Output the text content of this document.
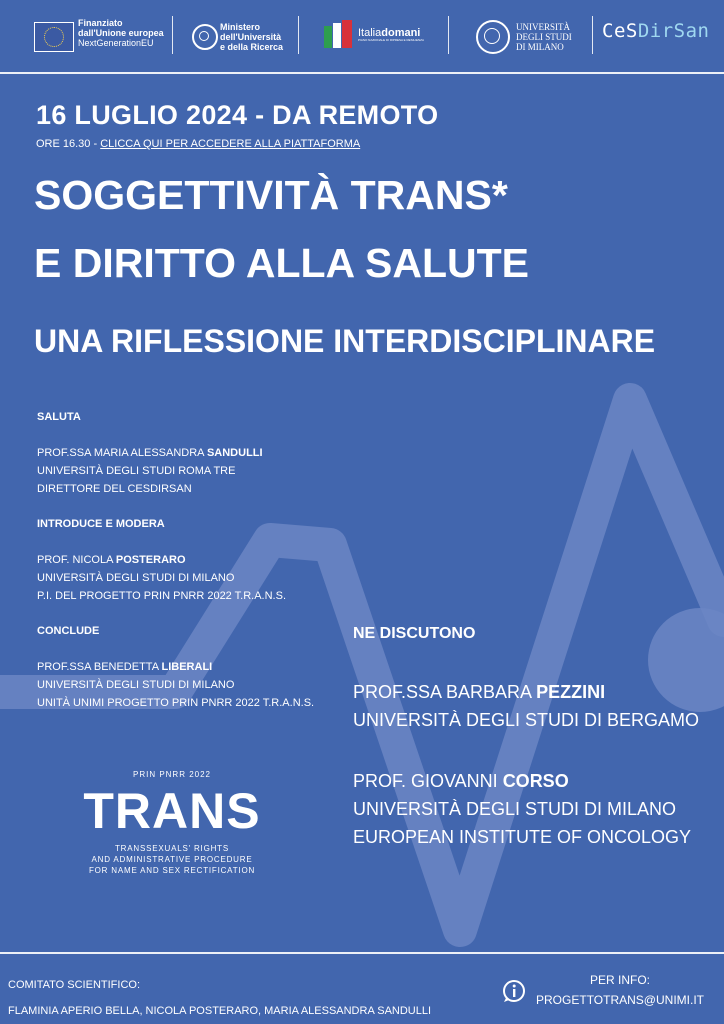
Finanziato
dall'Unione europea
NextGenerationEU
Ministero
dell'Università
e della Ricerca
Italiadomani
PIANO NAZIONALE DI RIPRESA E RESILIENZA
UNIVERSITÀ
DEGLI STUDI
DI MILANO
CeSDirSan
16 LUGLIO 2024 - DA REMOTO
ORE 16.30 - CLICCA QUI PER ACCEDERE ALLA PIATTAFORMA
SOGGETTIVITÀ TRANS*
E DIRITTO ALLA SALUTE
UNA RIFLESSIONE INTERDISCIPLINARE
SALUTA
PROF.SSA MARIA ALESSANDRA SANDULLI
UNIVERSITÀ DEGLI STUDI ROMA TRE
DIRETTORE DEL CESDIRSAN
INTRODUCE E MODERA
PROF. NICOLA POSTERARO
UNIVERSITÀ DEGLI STUDI DI MILANO
P.I. DEL PROGETTO PRIN PNRR 2022 T.R.A.N.S.
CONCLUDE
PROF.SSA BENEDETTA LIBERALI
UNIVERSITÀ DEGLI STUDI DI MILANO
UNITÀ UNIMI PROGETTO PRIN PNRR 2022 T.R.A.N.S.
NE DISCUTONO
PROF.SSA BARBARA PEZZINI
UNIVERSITÀ DEGLI STUDI DI BERGAMO
PROF. GIOVANNI CORSO
UNIVERSITÀ DEGLI STUDI DI MILANO
EUROPEAN INSTITUTE OF ONCOLOGY
PRIN PNRR 2022
TRANS
TRANSSEXUALS' RIGHTS
AND ADMINISTRATIVE PROCEDURE
FOR NAME AND SEX RECTIFICATION
COMITATO SCIENTIFICO:
FLAMINIA APERIO BELLA, NICOLA POSTERARO, MARIA ALESSANDRA SANDULLI
PER INFO:
PROGETTOTRANS@UNIMI.IT
